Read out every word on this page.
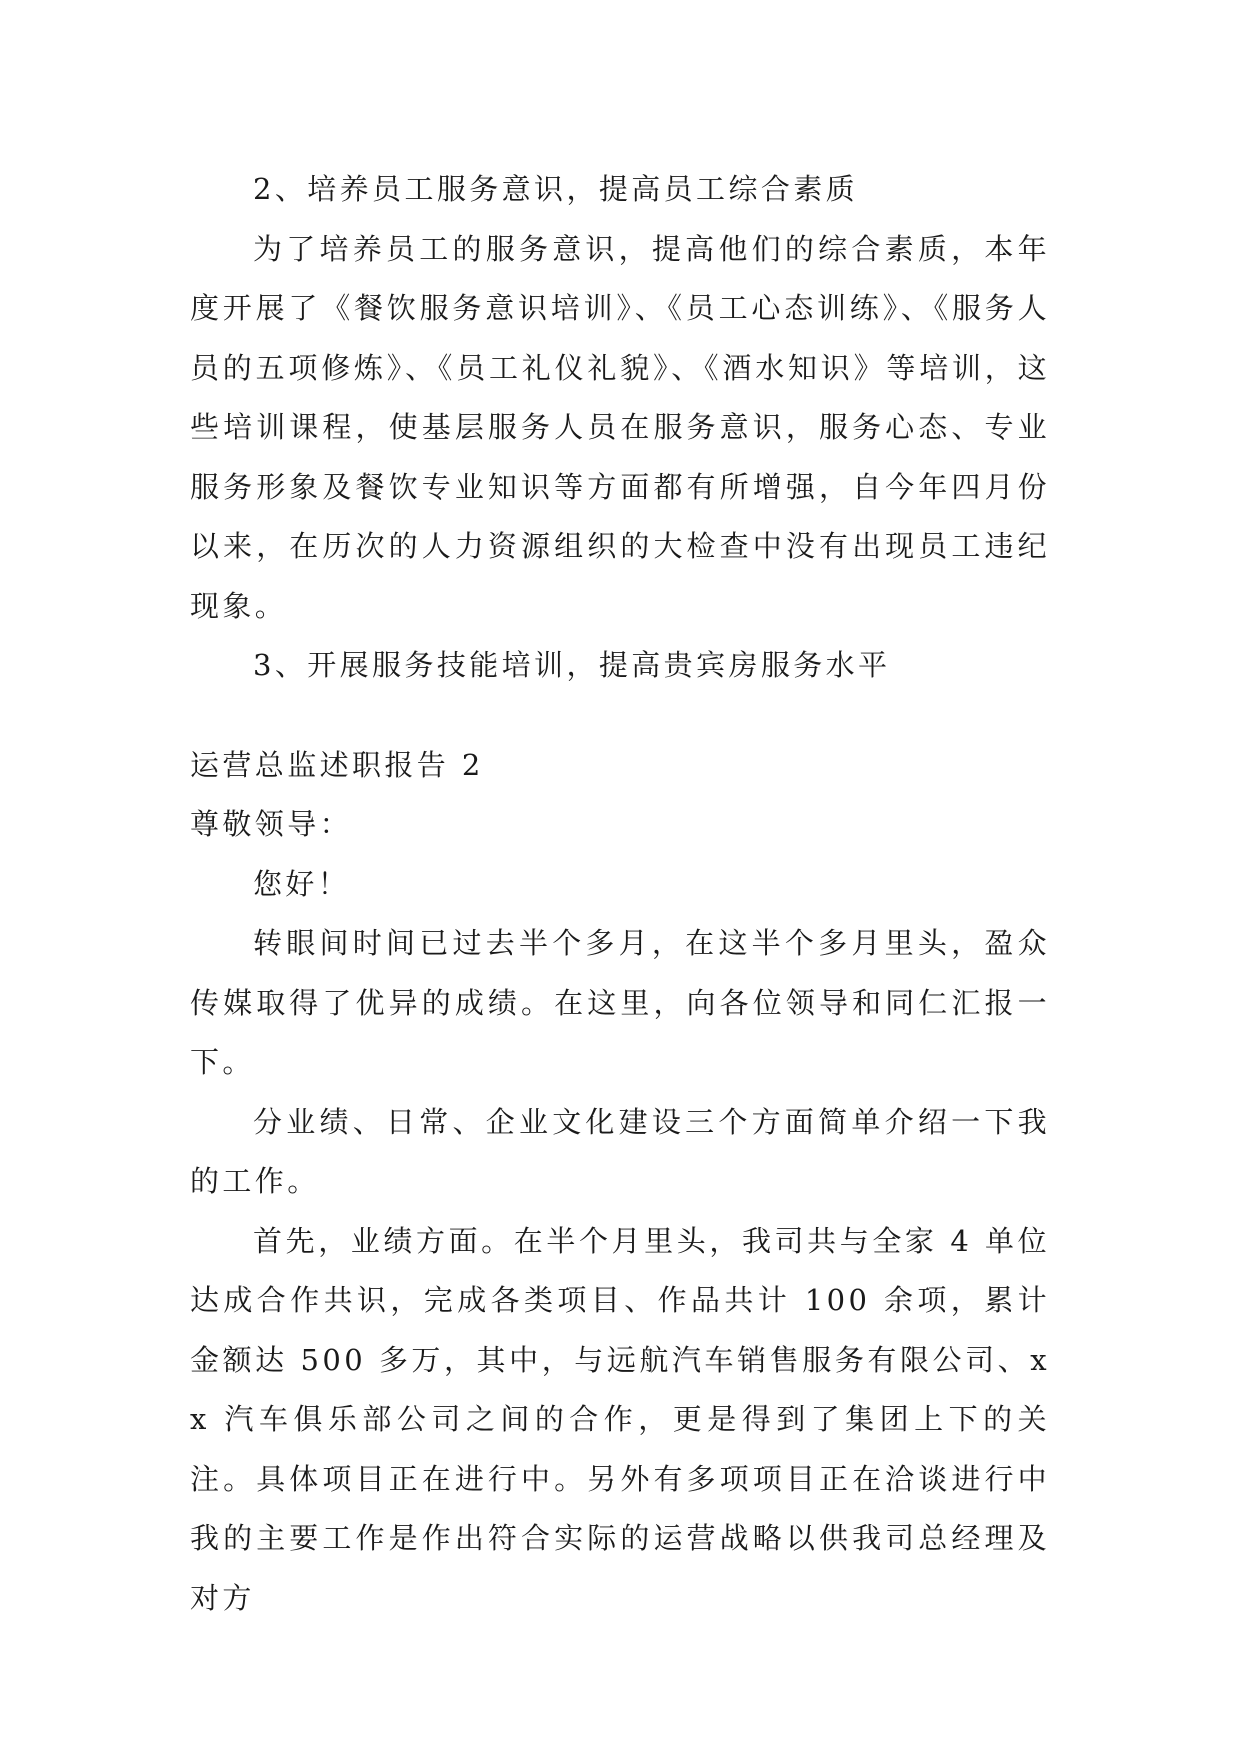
2、培养员工服务意识，提高员工综合素质

为了培养员工的服务意识，提高他们的综合素质，本年度开展了《餐饮服务意识培训》、《员工心态训练》、《服务人员的五项修炼》、《员工礼仪礼貌》、《酒水知识》等培训，这些培训课程，使基层服务人员在服务意识，服务心态、专业服务形象及餐饮专业知识等方面都有所增强，自今年四月份以来，在历次的人力资源组织的大检查中没有出现员工违纪现象。

3、开展服务技能培训，提高贵宾房服务水平

运营总监述职报告 2

尊敬领导：

您好！

转眼间时间已过去半个多月，在这半个多月里头，盈众传媒取得了优异的成绩。在这里，向各位领导和同仁汇报一下。

分业绩、日常、企业文化建设三个方面简单介绍一下我的工作。

首先，业绩方面。在半个月里头，我司共与全家 4 单位达成合作共识，完成各类项目、作品共计 100 余项，累计金额达 500 多万，其中，与远航汽车销售服务有限公司、xx 汽车俱乐部公司之间的合作，更是得到了集团上下的关注。具体项目正在进行中。另外有多项项目正在洽谈进行中我的主要工作是作出符合实际的运营战略以供我司总经理及对方
